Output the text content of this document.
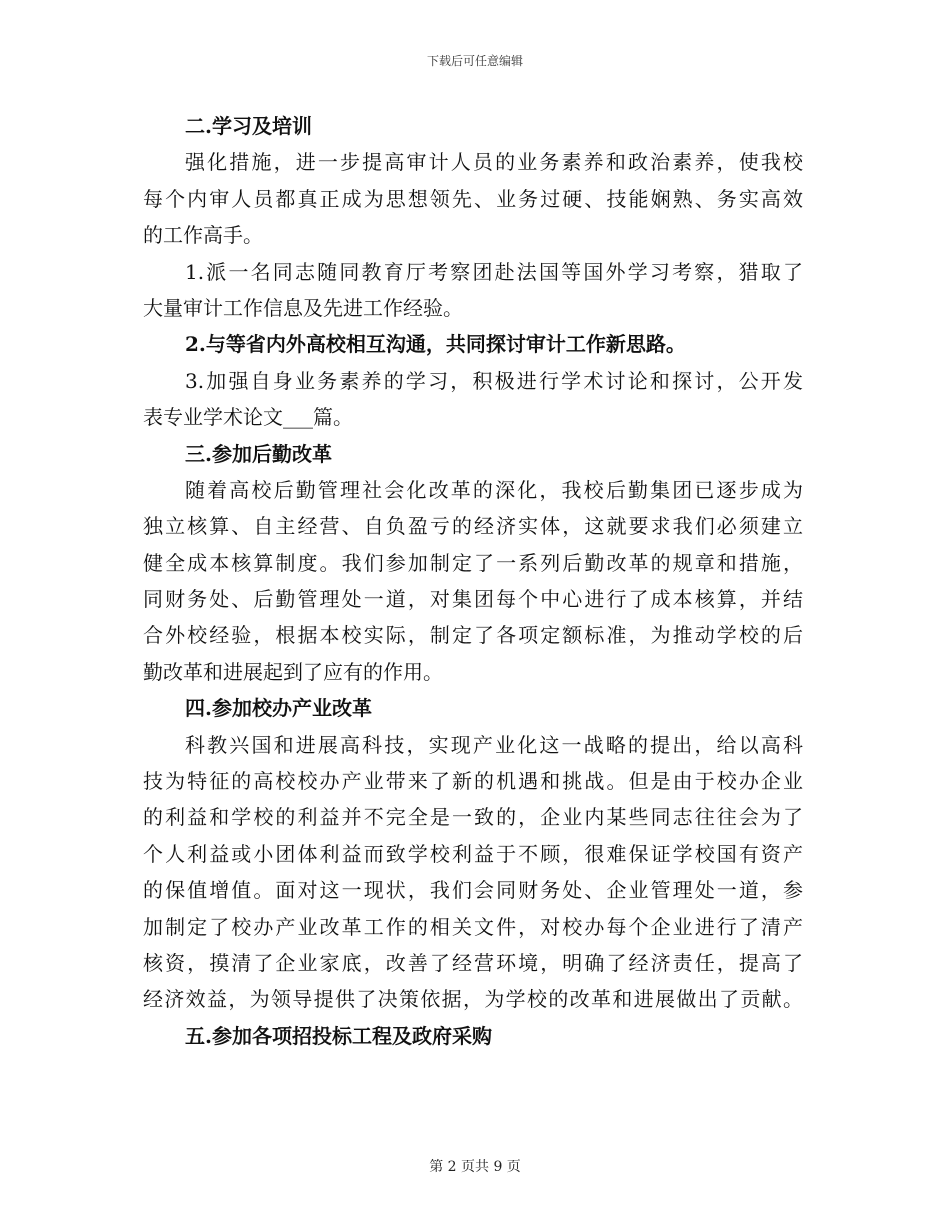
下载后可任意编辑
二.学习及培训
强化措施，进一步提高审计人员的业务素养和政治素养，使我校
每个内审人员都真正成为思想领先、业务过硬、技能娴熟、务实高效
的工作高手。
1.派一名同志随同教育厅考察团赴法国等国外学习考察，猎取了
大量审计工作信息及先进工作经验。
2.与等省内外高校相互沟通，共同探讨审计工作新思路。
3.加强自身业务素养的学习，积极进行学术讨论和探讨，公开发
表专业学术论文___篇。
三.参加后勤改革
随着高校后勤管理社会化改革的深化，我校后勤集团已逐步成为
独立核算、自主经营、自负盈亏的经济实体，这就要求我们必须建立
健全成本核算制度。我们参加制定了一系列后勤改革的规章和措施，
同财务处、后勤管理处一道，对集团每个中心进行了成本核算，并结
合外校经验，根据本校实际，制定了各项定额标准，为推动学校的后
勤改革和进展起到了应有的作用。
四.参加校办产业改革
科教兴国和进展高科技，实现产业化这一战略的提出，给以高科
技为特征的高校校办产业带来了新的机遇和挑战。但是由于校办企业
的利益和学校的利益并不完全是一致的，企业内某些同志往往会为了
个人利益或小团体利益而致学校利益于不顾，很难保证学校国有资产
的保值增值。面对这一现状，我们会同财务处、企业管理处一道，参
加制定了校办产业改革工作的相关文件，对校办每个企业进行了清产
核资，摸清了企业家底，改善了经营环境，明确了经济责任，提高了
经济效益，为领导提供了决策依据，为学校的改革和进展做出了贡献。
五.参加各项招投标工程及政府采购
第 2 页共 9 页
